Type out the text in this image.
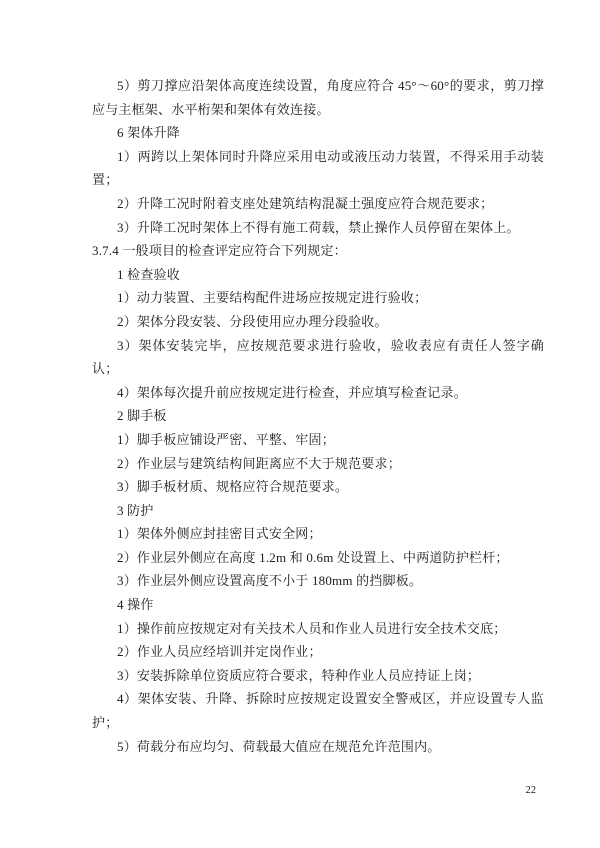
5）剪刀撑应沿架体高度连续设置，角度应符合 45°～60°的要求，剪刀撑应与主框架、水平桁架和架体有效连接。

6 架体升降

1）两跨以上架体同时升降应采用电动或液压动力装置，不得采用手动装置；

2）升降工况时附着支座处建筑结构混凝土强度应符合规范要求；

3）升降工况时架体上不得有施工荷载，禁止操作人员停留在架体上。

3.7.4 一般项目的检查评定应符合下列规定：

1 检查验收

1）动力装置、主要结构配件进场应按规定进行验收；

2）架体分段安装、分段使用应办理分段验收。

3）架体安装完毕，应按规范要求进行验收，验收表应有责任人签字确认；

4）架体每次提升前应按规定进行检查，并应填写检查记录。

2 脚手板

1）脚手板应铺设严密、平整、牢固；

2）作业层与建筑结构间距离应不大于规范要求；

3）脚手板材质、规格应符合规范要求。

3 防护

1）架体外侧应封挂密目式安全网；

2）作业层外侧应在高度 1.2m 和 0.6m 处设置上、中两道防护栏杆；

3）作业层外侧应设置高度不小于 180mm 的挡脚板。

4 操作

1）操作前应按规定对有关技术人员和作业人员进行安全技术交底；

2）作业人员应经培训并定岗作业；

3）安装拆除单位资质应符合要求，特种作业人员应持证上岗；

4）架体安装、升降、拆除时应按规定设置安全警戒区，并应设置专人监护；

5）荷载分布应均匀、荷载最大值应在规范允许范围内。

22
